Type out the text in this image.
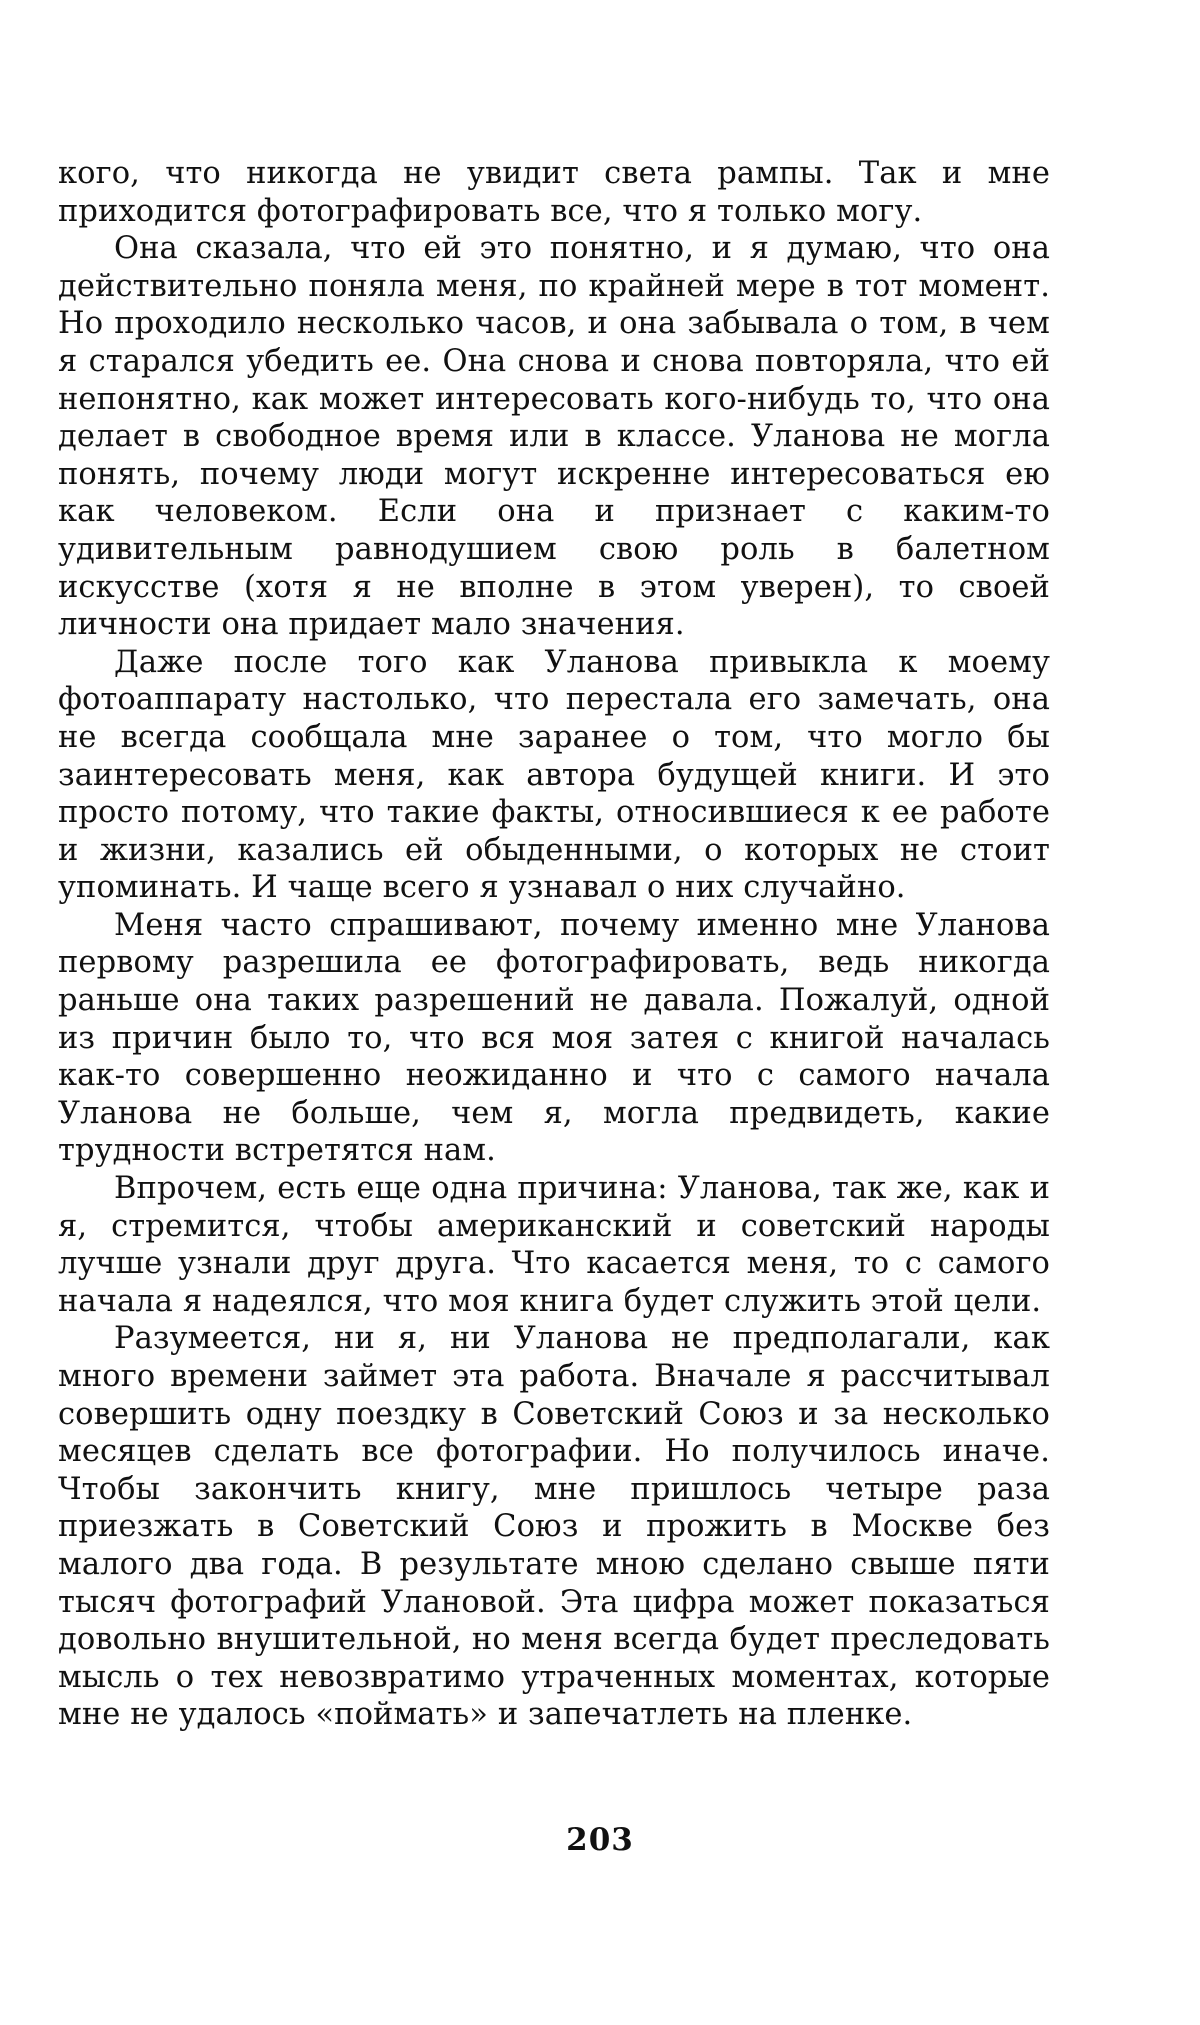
кого, что никогда не увидит света рампы. Так и мне приходится фотографировать все, что я только могу.

Она сказала, что ей это понятно, и я думаю, что она действительно поняла меня, по крайней мере в тот момент. Но проходило несколько часов, и она забывала о том, в чем я старался убедить ее. Она снова и снова повторяла, что ей непонятно, как может интересовать кого-нибудь то, что она делает в свободное время или в классе. Уланова не могла понять, почему люди могут искренне интересоваться ею как человеком. Если она и признает с каким-то удивительным равнодушием свою роль в балетном искусстве (хотя я не вполне в этом уверен), то своей личности она придает мало значения.

Даже после того как Уланова привыкла к моему фотоаппарату настолько, что перестала его замечать, она не всегда сообщала мне заранее о том, что могло бы заинтересовать меня, как автора будущей книги. И это просто потому, что такие факты, относившиеся к ее работе и жизни, казались ей обыденными, о которых не стоит упоминать. И чаще всего я узнавал о них случайно.

Меня часто спрашивают, почему именно мне Уланова первому разрешила ее фотографировать, ведь никогда раньше она таких разрешений не давала. Пожалуй, одной из причин было то, что вся моя затея с книгой началась как-то совершенно неожиданно и что с самого начала Уланова не больше, чем я, могла предвидеть, какие трудности встретятся нам.

Впрочем, есть еще одна причина: Уланова, так же, как и я, стремится, чтобы американский и советский народы лучше узнали друг друга. Что касается меня, то с самого начала я надеялся, что моя книга будет служить этой цели.

Разумеется, ни я, ни Уланова не предполагали, как много времени займет эта работа. Вначале я рассчитывал совершить одну поездку в Советский Союз и за несколько месяцев сделать все фотографии. Но получилось иначе. Чтобы закончить книгу, мне пришлось четыре раза приезжать в Советский Союз и прожить в Москве без малого два года. В результате мною сделано свыше пяти тысяч фотографий Улановой. Эта цифра может показаться довольно внушительной, но меня всегда будет преследовать мысль о тех невозвратимо утраченных моментах, которые мне не удалось «поймать» и запечатлеть на пленке.

203
